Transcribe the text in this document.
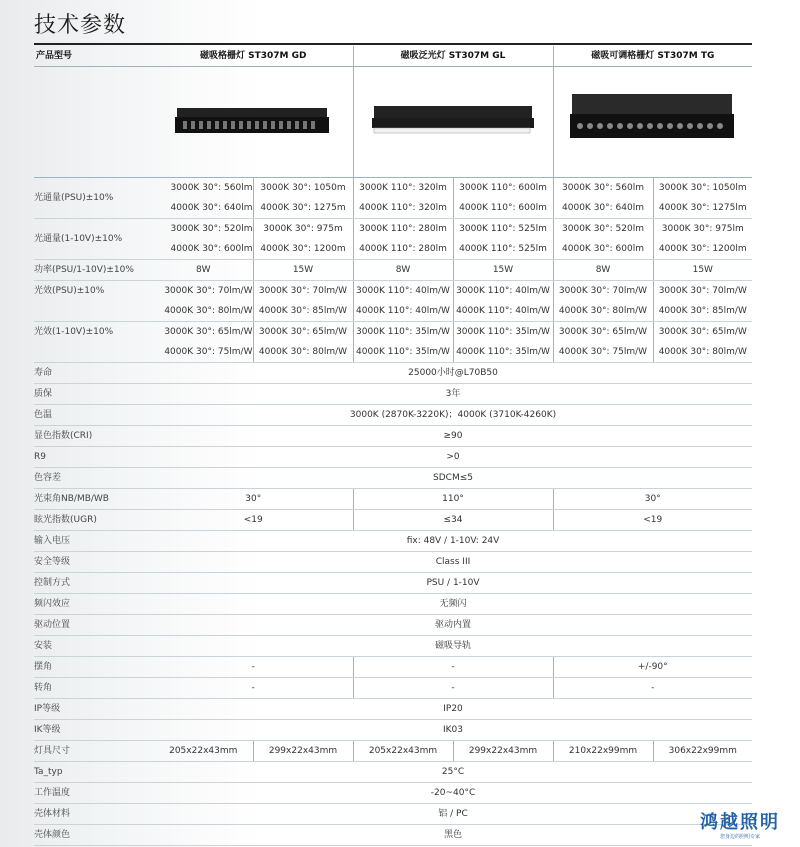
技术参数
产品型号	磁吸格栅灯 ST307M GD		磁吸泛光灯 ST307M GL		磁吸可调格栅灯 ST307M TG	

光通量(PSU)±10%	3000K 30°: 560lm	3000K 30°: 1050m	3000K 110°: 320lm	3000K 110°: 600lm	3000K 30°: 560lm	3000K 30°: 1050lm
	4000K 30°: 640lm	4000K 30°: 1275m	4000K 110°: 320lm	4000K 110°: 600lm	4000K 30°: 640lm	4000K 30°: 1275lm
光通量(1-10V)±10%	3000K 30°: 520lm	3000K 30°: 975m	3000K 110°: 280lm	3000K 110°: 525lm	3000K 30°: 520lm	3000K 30°: 975lm
	4000K 30°: 600lm	4000K 30°: 1200m	4000K 110°: 280lm	4000K 110°: 525lm	4000K 30°: 600lm	4000K 30°: 1200lm
功率(PSU/1-10V)±10%	8W	15W	8W	15W	8W	15W
光效(PSU)±10%	3000K 30°: 70lm/W	3000K 30°: 70lm/W	3000K 110°: 40lm/W	3000K 110°: 40lm/W	3000K 30°: 70lm/W	3000K 30°: 70lm/W
	4000K 30°: 80lm/W	4000K 30°: 85lm/W	4000K 110°: 40lm/W	4000K 110°: 40lm/W	4000K 30°: 80lm/W	4000K 30°: 85lm/W
光效(1-10V)±10%	3000K 30°: 65lm/W	3000K 30°: 65lm/W	3000K 110°: 35lm/W	3000K 110°: 35lm/W	3000K 30°: 65lm/W	3000K 30°: 65lm/W
	4000K 30°: 75lm/W	4000K 30°: 80lm/W	4000K 110°: 35lm/W	4000K 110°: 35lm/W	4000K 30°: 75lm/W	4000K 30°: 80lm/W
寿命	25000小时@L70B50					
质保	3年					
色温	3000K (2870K-3220K)；4000K (3710K-4260K)					
显色指数(CRI)	≥90					
R9	>0					
色容差	SDCM≤5					
光束角NB/MB/WB	30°		110°		30°	
眩光指数(UGR)	<19		≤34		<19	
输入电压	fix: 48V / 1-10V: 24V					
安全等级	Class III					
控制方式	PSU / 1-10V					
频闪效应	无频闪					
驱动位置	驱动内置					
安装	磁吸导轨					
摆角	-		-		+/-90°	
转角	-		-		-	
IP等级	IP20					
IK等级	IK03					
灯具尺寸	205x22x43mm	299x22x43mm	205x22x43mm	299x22x43mm	210x22x99mm	306x22x99mm
Ta_typ	25°C					
工作温度	-20~40°C					
壳体材料	铝 / PC					
壳体颜色	黑色					
鸿越照明
您身边的照明专家
